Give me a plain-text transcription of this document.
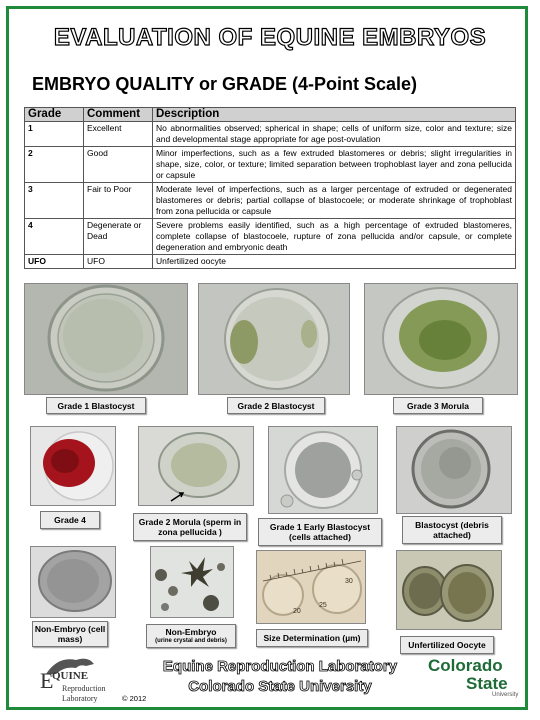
EVALUATION OF EQUINE EMBRYOS
EMBRYO QUALITY or GRADE (4-Point Scale)
Grade	Comment	Description
1	Excellent	No abnormalities observed; spherical in shape; cells of uniform size, color and texture; size and developmental stage appropriate for age post-ovulation
2	Good	Minor imperfections, such as a few extruded blastomeres or debris; slight irregularities in shape, size, color, or texture; limited separation between trophoblast layer and zona pellucida or capsule
3	Fair to Poor	Moderate level of imperfections, such as a larger percentage of extruded or degenerated blastomeres or debris; partial collapse of blastocoele; or moderate shrinkage of trophoblast from zona pellucida or capsule
4	Degenerate or Dead	Severe problems easily identified, such as a high percentage of extruded blastomeres, complete collapse of blastocoele, rupture of zona pellucida and/or capsule, or complete degeneration and embryonic death
UFO	UFO	Unfertilized oocyte
Grade 1 Blastocyst	Grade 2 Blastocyst	Grade 3 Morula
Grade 4	Grade 2 Morula (sperm in zona pellucida )	Grade 1 Early Blastocyst (cells attached)
Blastocyst (debris attached)
20
25
30
Non-Embryo (cell mass)
Non-Embryo
(urine crystal and debris)	Size Determination (µm)
Unfertilized Oocyte
E
QUINE
Reproduction
Laboratory	© 2012
Equine Reproduction Laboratory
Colorado State University
Colorado
State
University
